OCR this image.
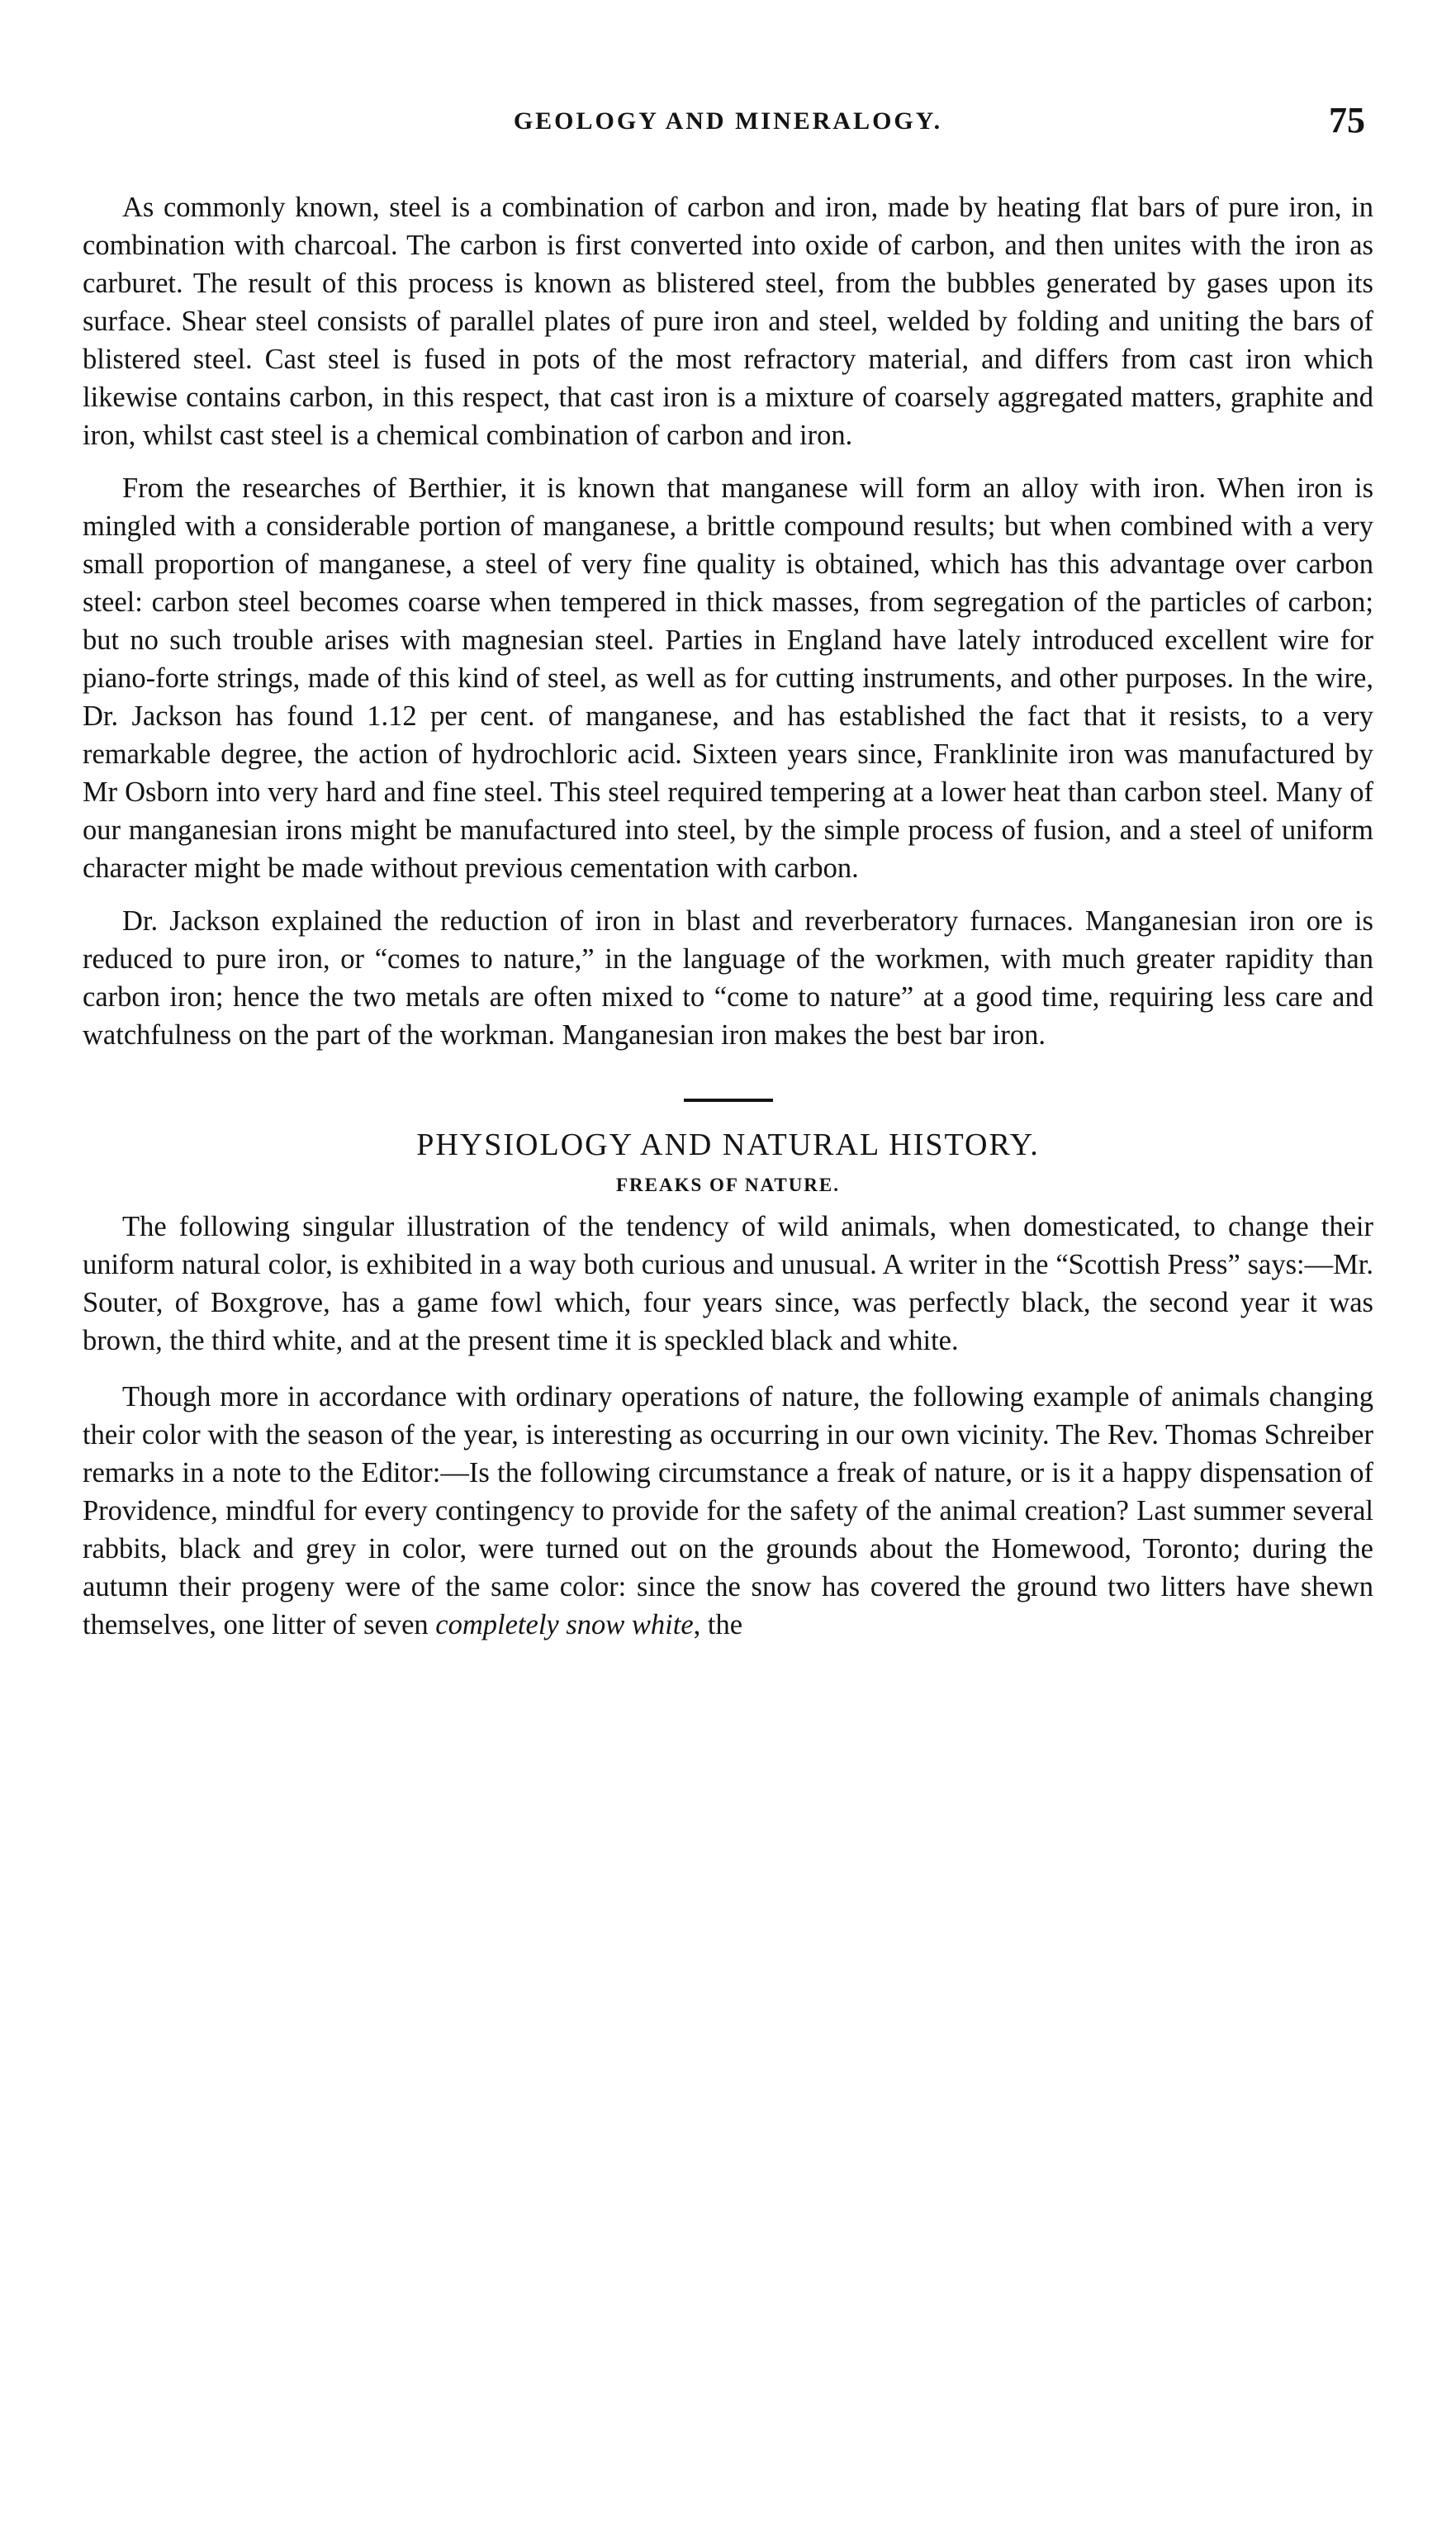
GEOLOGY AND MINERALOGY.	75

As commonly known, steel is a combination of carbon and iron, made by heating flat bars of pure iron, in combination with charcoal. The carbon is first converted into oxide of carbon, and then unites with the iron as carburet. The result of this process is known as blistered steel, from the bubbles generated by gases upon its surface. Shear steel consists of parallel plates of pure iron and steel, welded by folding and uniting the bars of blistered steel. Cast steel is fused in pots of the most refractory material, and differs from cast iron which likewise contains carbon, in this respect, that cast iron is a mixture of coarsely aggregated matters, graphite and iron, whilst cast steel is a chemical combination of carbon and iron.

From the researches of Berthier, it is known that manganese will form an alloy with iron. When iron is mingled with a considerable portion of manganese, a brittle compound results; but when combined with a very small proportion of manganese, a steel of very fine quality is obtained, which has this advantage over carbon steel: carbon steel becomes coarse when tempered in thick masses, from segregation of the particles of carbon; but no such trouble arises with magnesian steel. Parties in England have lately introduced excellent wire for piano-forte strings, made of this kind of steel, as well as for cutting instruments, and other purposes. In the wire, Dr. Jackson has found 1.12 per cent. of manganese, and has established the fact that it resists, to a very remarkable degree, the action of hydrochloric acid. Sixteen years since, Franklinite iron was manufactured by Mr Osborn into very hard and fine steel. This steel required tempering at a lower heat than carbon steel. Many of our manganesian irons might be manufactured into steel, by the simple process of fusion, and a steel of uniform character might be made without previous cementation with carbon.

Dr. Jackson explained the reduction of iron in blast and reverberatory furnaces. Manganesian iron ore is reduced to pure iron, or “comes to nature,” in the language of the workmen, with much greater rapidity than carbon iron; hence the two metals are often mixed to “come to nature” at a good time, requiring less care and watchfulness on the part of the workman. Manganesian iron makes the best bar iron.

PHYSIOLOGY AND NATURAL HISTORY.
FREAKS OF NATURE.

The following singular illustration of the tendency of wild animals, when domesticated, to change their uniform natural color, is exhibited in a way both curious and unusual. A writer in the “Scottish Press” says:—Mr. Souter, of Boxgrove, has a game fowl which, four years since, was perfectly black, the second year it was brown, the third white, and at the present time it is speckled black and white.

Though more in accordance with ordinary operations of nature, the following example of animals changing their color with the season of the year, is interesting as occurring in our own vicinity. The Rev. Thomas Schreiber remarks in a note to the Editor:—Is the following circumstance a freak of nature, or is it a happy dispensation of Providence, mindful for every contingency to provide for the safety of the animal creation? Last summer several rabbits, black and grey in color, were turned out on the grounds about the Homewood, Toronto; during the autumn their progeny were of the same color: since the snow has covered the ground two litters have shewn themselves, one litter of seven completely snow white, the
